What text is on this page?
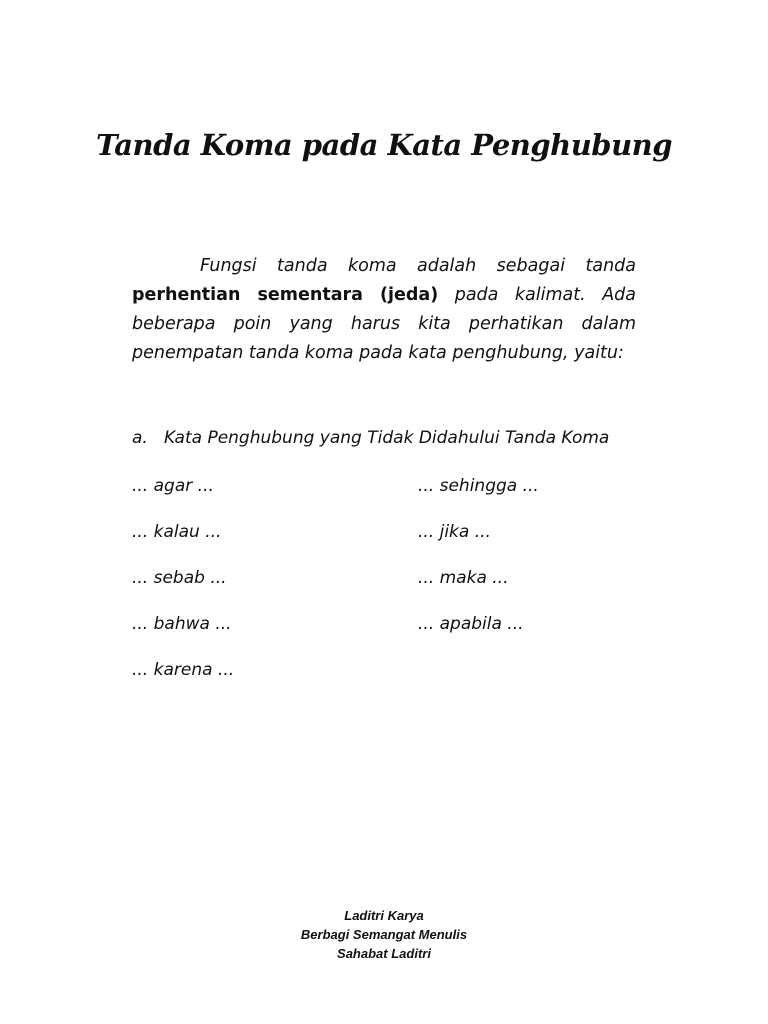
Tanda Koma pada Kata Penghubung

Fungsi tanda koma adalah sebagai tanda perhentian sementara (jeda) pada kalimat. Ada beberapa poin yang harus kita perhatikan dalam penempatan tanda koma pada kata penghubung, yaitu:

a. Kata Penghubung yang Tidak Didahului Tanda Koma
... agar ...	... sehingga ...
... kalau ...	... jika ...
... sebab ...	... maka ...
... bahwa ...	... apabila ...
... karena ...
Laditri Karya
Berbagi Semangat Menulis
Sahabat Laditri
